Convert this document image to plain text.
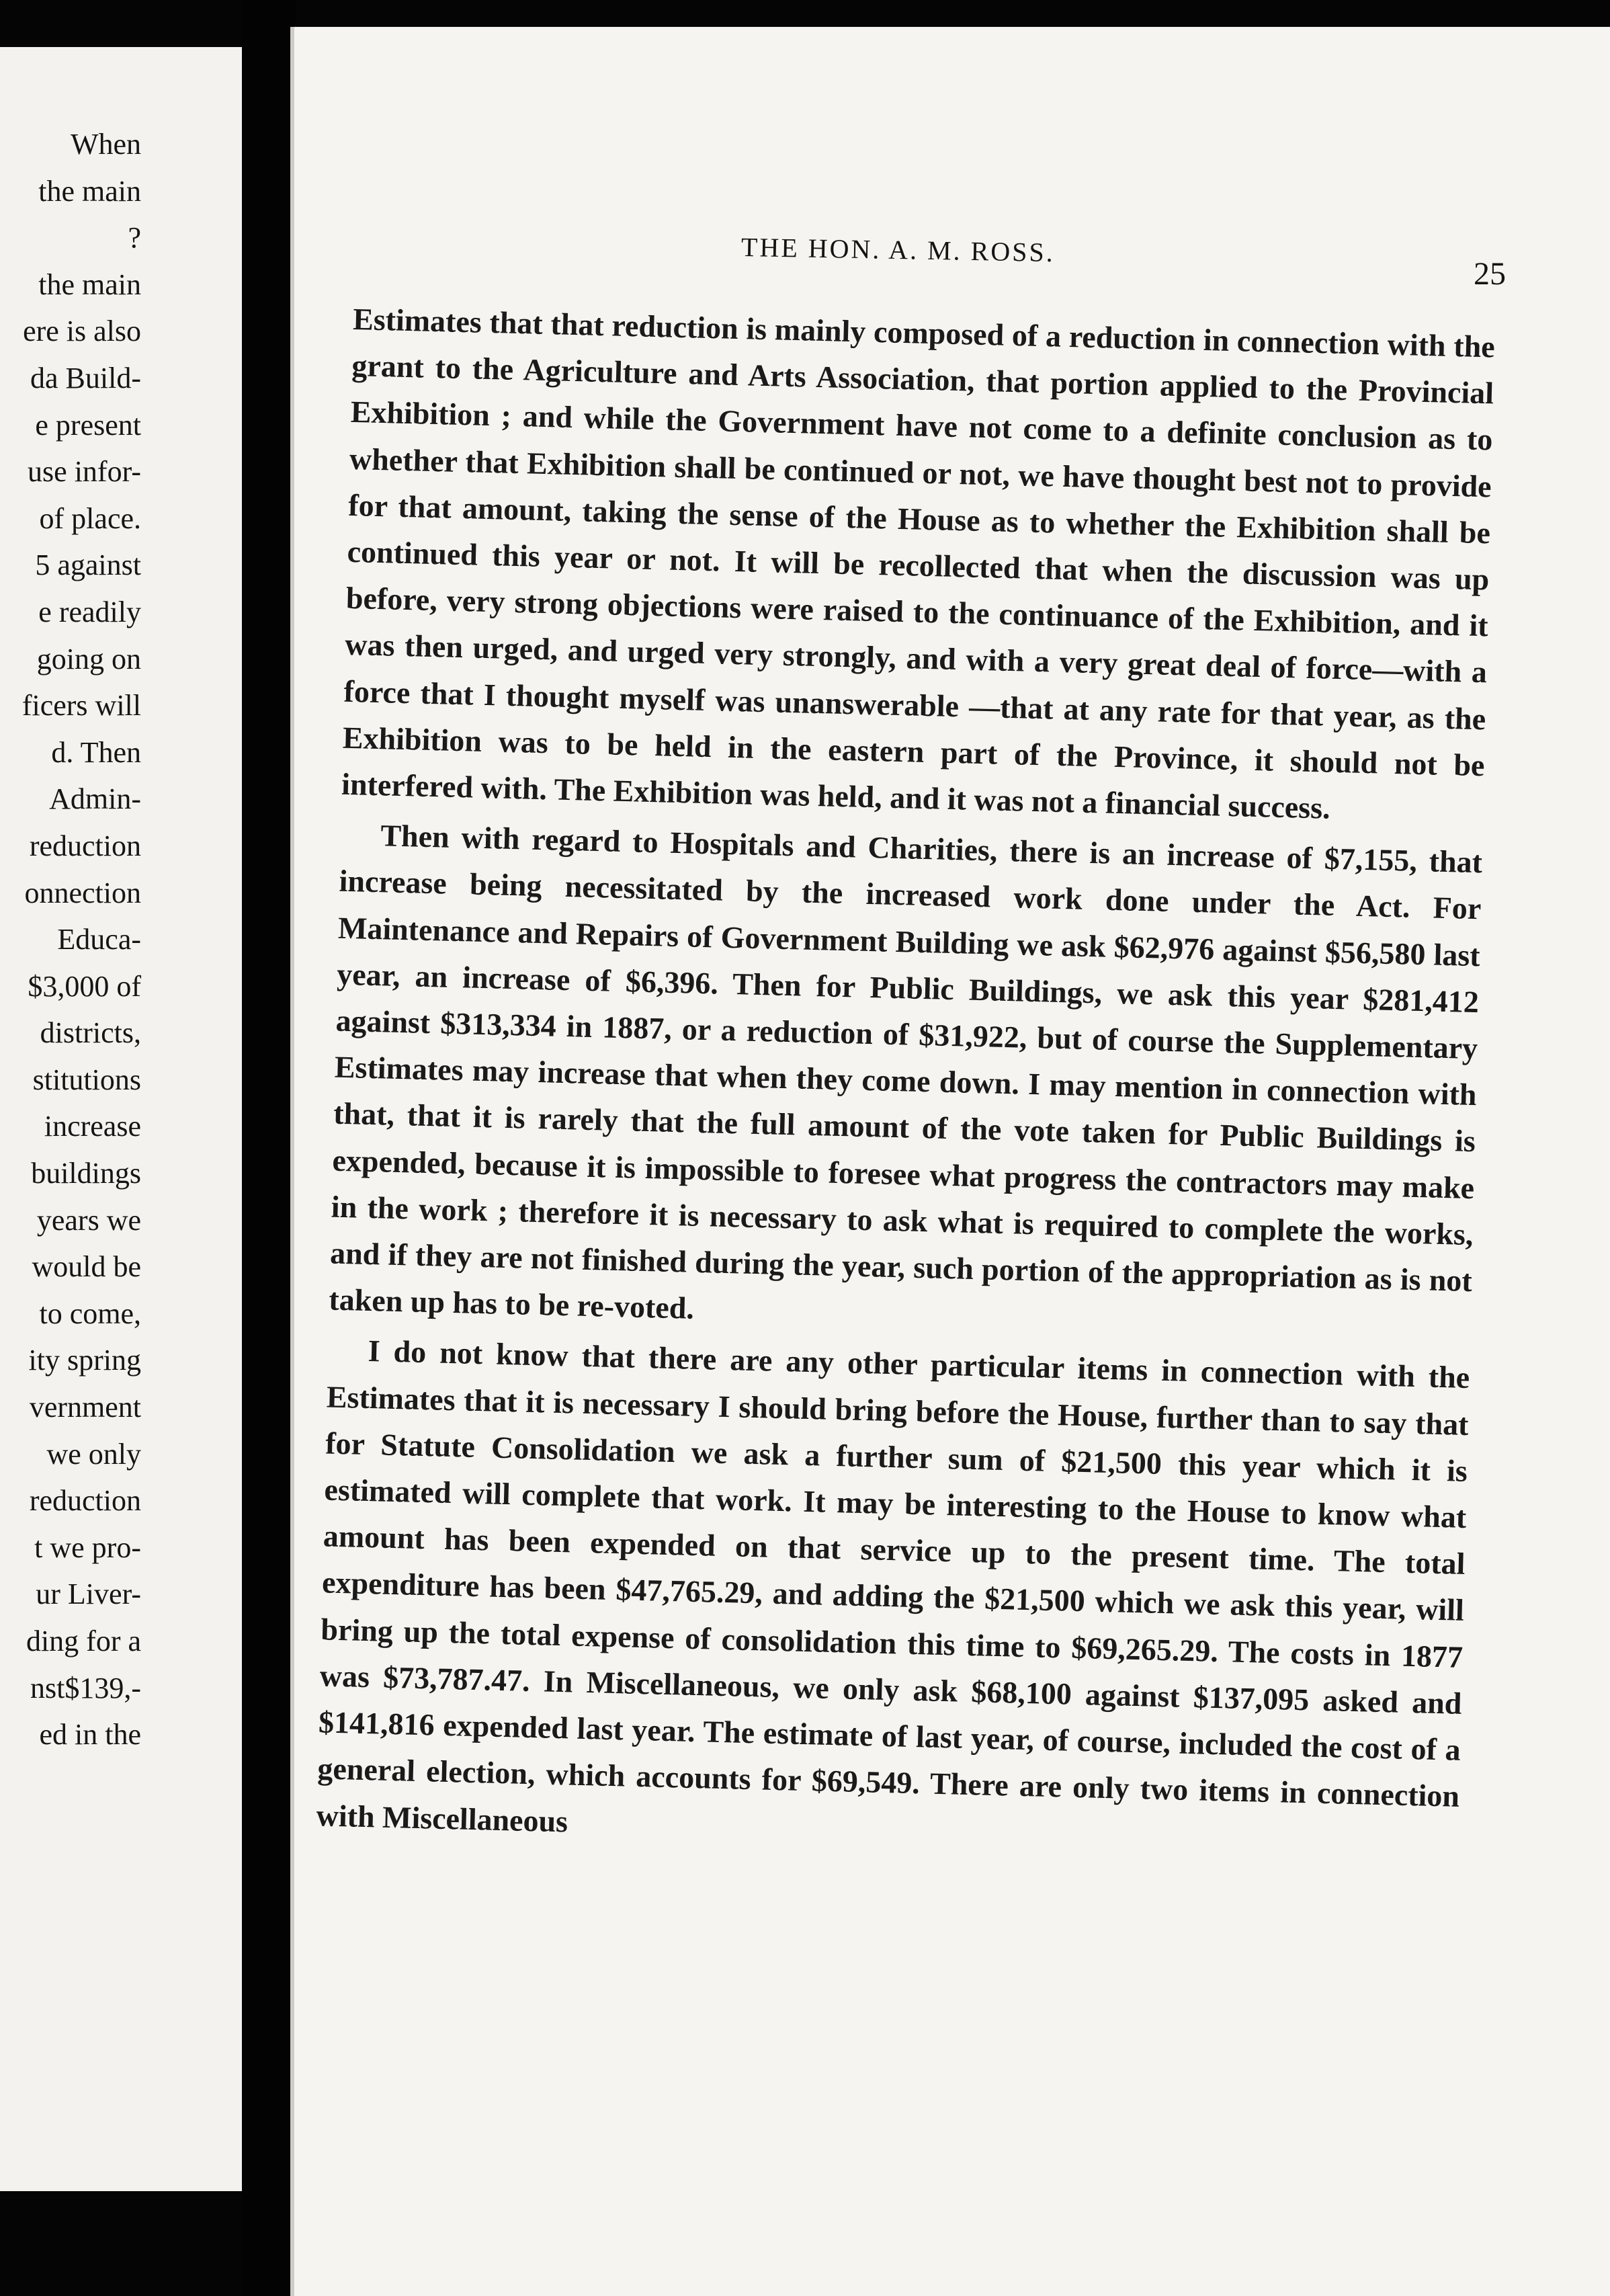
When
the main
?
the main
ere is also
da Build-
e present
use infor-
of place.
5 against
e readily
going on
ficers will
d. Then
Admin-
reduction
onnection
Educa-
$3,000 of
districts,
stitutions
increase
buildings
years we
would be
to come,
ity spring
vernment
we only
reduction
t we pro-
ur Liver-
ding for a
nst$139,-
ed in the
THE HON. A. M. ROSS.
25

Estimates that that reduction is mainly composed of a reduction in connection with the grant to the Agriculture and Arts Association, that portion applied to the Provincial Exhibition ; and while the Government have not come to a definite conclusion as to whether that Exhibition shall be continued or not, we have thought best not to provide for that amount, taking the sense of the House as to whether the Exhibition shall be continued this year or not. It will be recollected that when the discussion was up before, very strong objections were raised to the continuance of the Exhibition, and it was then urged, and urged very strongly, and with a very great deal of force—with a force that I thought myself was unanswerable —that at any rate for that year, as the Exhibition was to be held in the eastern part of the Province, it should not be interfered with. The Exhibition was held, and it was not a financial success.

Then with regard to Hospitals and Charities, there is an increase of $7,155, that increase being necessitated by the increased work done under the Act. For Maintenance and Repairs of Government Building we ask $62,976 against $56,580 last year, an increase of $6,396. Then for Public Buildings, we ask this year $281,412 against $313,334 in 1887, or a reduction of $31,922, but of course the Supplementary Estimates may increase that when they come down. I may mention in connection with that, that it is rarely that the full amount of the vote taken for Public Buildings is expended, because it is impossible to foresee what progress the contractors may make in the work ; therefore it is necessary to ask what is required to complete the works, and if they are not finished during the year, such portion of the appropriation as is not taken up has to be re-voted.

I do not know that there are any other particular items in connection with the Estimates that it is necessary I should bring before the House, further than to say that for Statute Consolidation we ask a further sum of $21,500 this year which it is estimated will complete that work. It may be interesting to the House to know what amount has been expended on that service up to the present time. The total expenditure has been $47,765.29, and adding the $21,500 which we ask this year, will bring up the total expense of consolidation this time to $69,265.29. The costs in 1877 was $73,787.47. In Miscellaneous, we only ask $68,100 against $137,095 asked and $141,816 expended last year. The estimate of last year, of course, included the cost of a general election, which accounts for $69,549. There are only two items in connection with Miscellaneous
